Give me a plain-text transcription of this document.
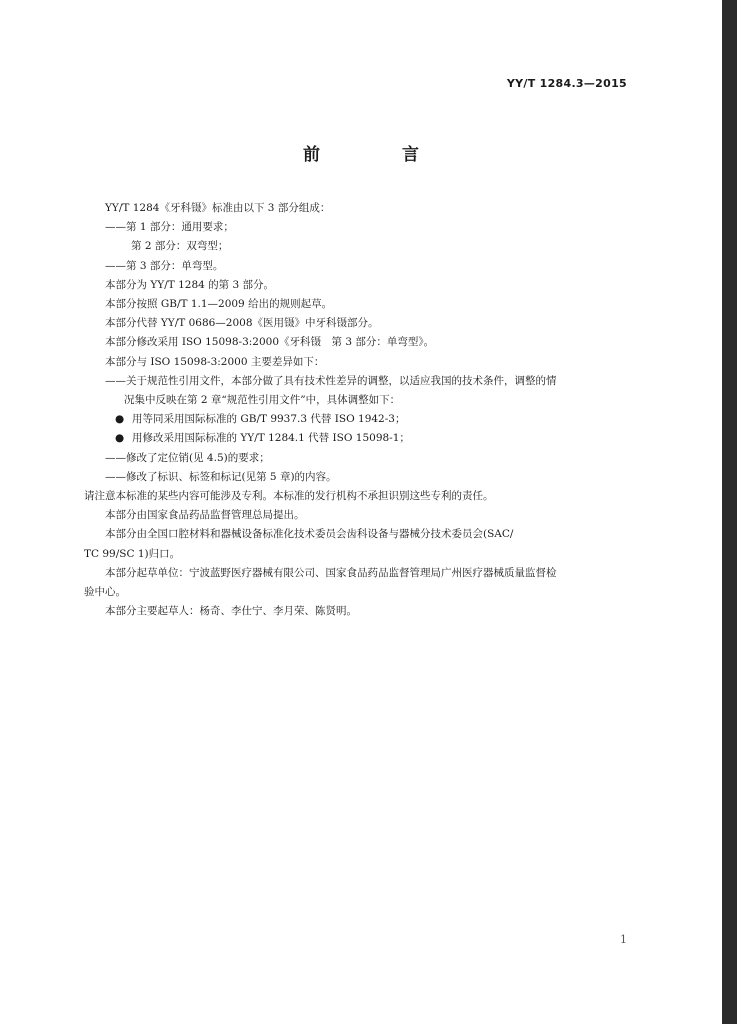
YY/T 1284.3—2015
前 言

YY/T 1284《牙科镊》标准由以下 3 部分组成：

——第 1 部分：通用要求；

第 2 部分：双弯型；

——第 3 部分：单弯型。

本部分为 YY/T 1284 的第 3 部分。

本部分按照 GB/T 1.1—2009 给出的规则起草。

本部分代替 YY/T 0686—2008《医用镊》中牙科镊部分。

本部分修改采用 ISO 15098-3:2000《牙科镊　第 3 部分：单弯型》。

本部分与 ISO 15098-3:2000 主要差异如下：

——关于规范性引用文件，本部分做了具有技术性差异的调整，以适应我国的技术条件，调整的情

况集中反映在第 2 章“规范性引用文件”中，具体调整如下：

● 用等同采用国际标准的 GB/T 9937.3 代替 ISO 1942-3；

● 用修改采用国际标准的 YY/T 1284.1 代替 ISO 15098-1；

——修改了定位销(见 4.5)的要求；

——修改了标识、标签和标记(见第 5 章)的内容。

请注意本标准的某些内容可能涉及专利。本标准的发行机构不承担识别这些专利的责任。

本部分由国家食品药品监督管理总局提出。

本部分由全国口腔材料和器械设备标准化技术委员会齿科设备与器械分技术委员会(SAC/

TC 99/SC 1)归口。

本部分起草单位：宁波蓝野医疗器械有限公司、国家食品药品监督管理局广州医疗器械质量监督检

验中心。

本部分主要起草人：杨奇、李仕宁、李月荣、陈贤明。

1
